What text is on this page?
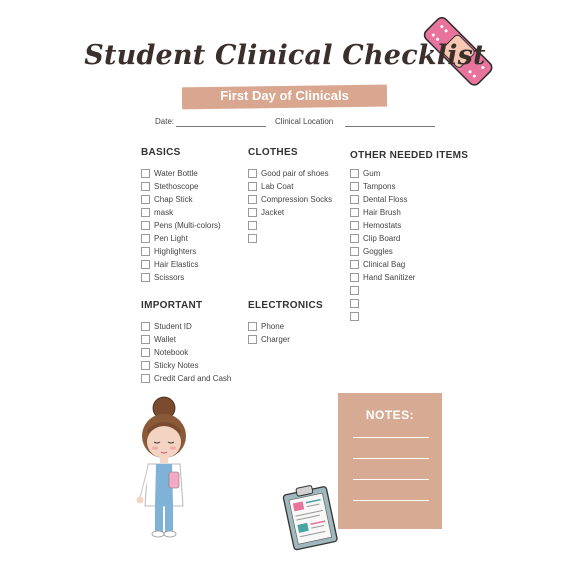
Student Clinical Checklist
First Day of Clinicals
Date:	Clinical Location
BASICS
Water Bottle
Stethoscope
Chap Stick
mask
Pens (Multi-colors)
Pen Light
Highlighters
Hair Elastics
Scissors
CLOTHES
Good pair of shoes
Lab Coat
Compression Socks
Jacket
OTHER NEEDED ITEMS
Gum
Tampons
Dental Floss
Hair Brush
Hemostats
Clip Board
Goggles
Clinical Bag
Hand Sanitizer
IMPORTANT
Student ID
Wallet
Notebook
Sticky Notes
Credit Card and Cash
ELECTRONICS
Phone
Charger
NOTES:
